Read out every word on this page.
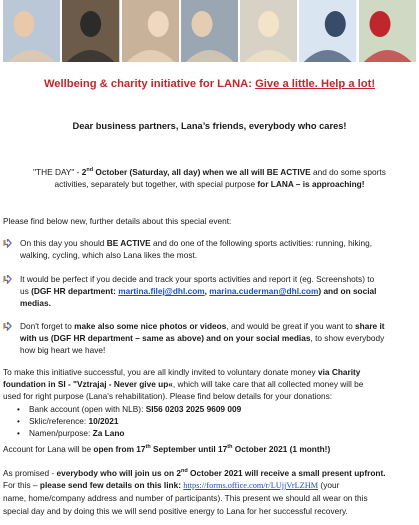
Wellbeing & charity initiative for LANA: Give a little. Help a lot!
Dear business partners, Lana’s friends, everybody who cares!
"THE DAY" - 2nd October (Saturday, all day) when we all will BE ACTIVE and do some sports
activities, separately but together, with special purpose for LANA – is approaching!
Please find below new, further details about this special event:
On this day you should BE ACTIVE and do one of the following sports activities: running, hiking,
walking, cycling, which also Lana likes the most.
It would be perfect if you decide and track your sports activities and report it (eg. Screenshots) to
us (DGF HR department: martina.filej@dhl.com, marina.cuderman@dhl.com) and on social
medias.
Don't forget to make also some nice photos or videos, and would be great if you want to share it
with us (DGF HR department – same as above) and on your social medias, to show everybody
how big heart we have!
To make this initiative successful, you are all kindly invited to voluntary donate money via Charity
foundation in SI - "Vztrajaj - Never give up«, which will take care that all collected money will be
used for right purpose (Lana's rehabilitation). Please find below details for your donations:
• Bank account (open with NLB): SI56 0203 2025 9609 009
• Sklic/reference: 10/2021
• Namen/purpose: Za Lano
Account for Lana will be open from 17th September until 17th October 2021 (1 month!)
As promised - everybody who will join us on 2nd October 2021 will receive a small present upfront.
For this – please send few details on this link: https://forms.office.com/r/LUjjVrLZHM (your
name, home/company address and number of participants). This present we should all wear on this
special day and by doing this we will send positive energy to Lana for her successful recovery.
